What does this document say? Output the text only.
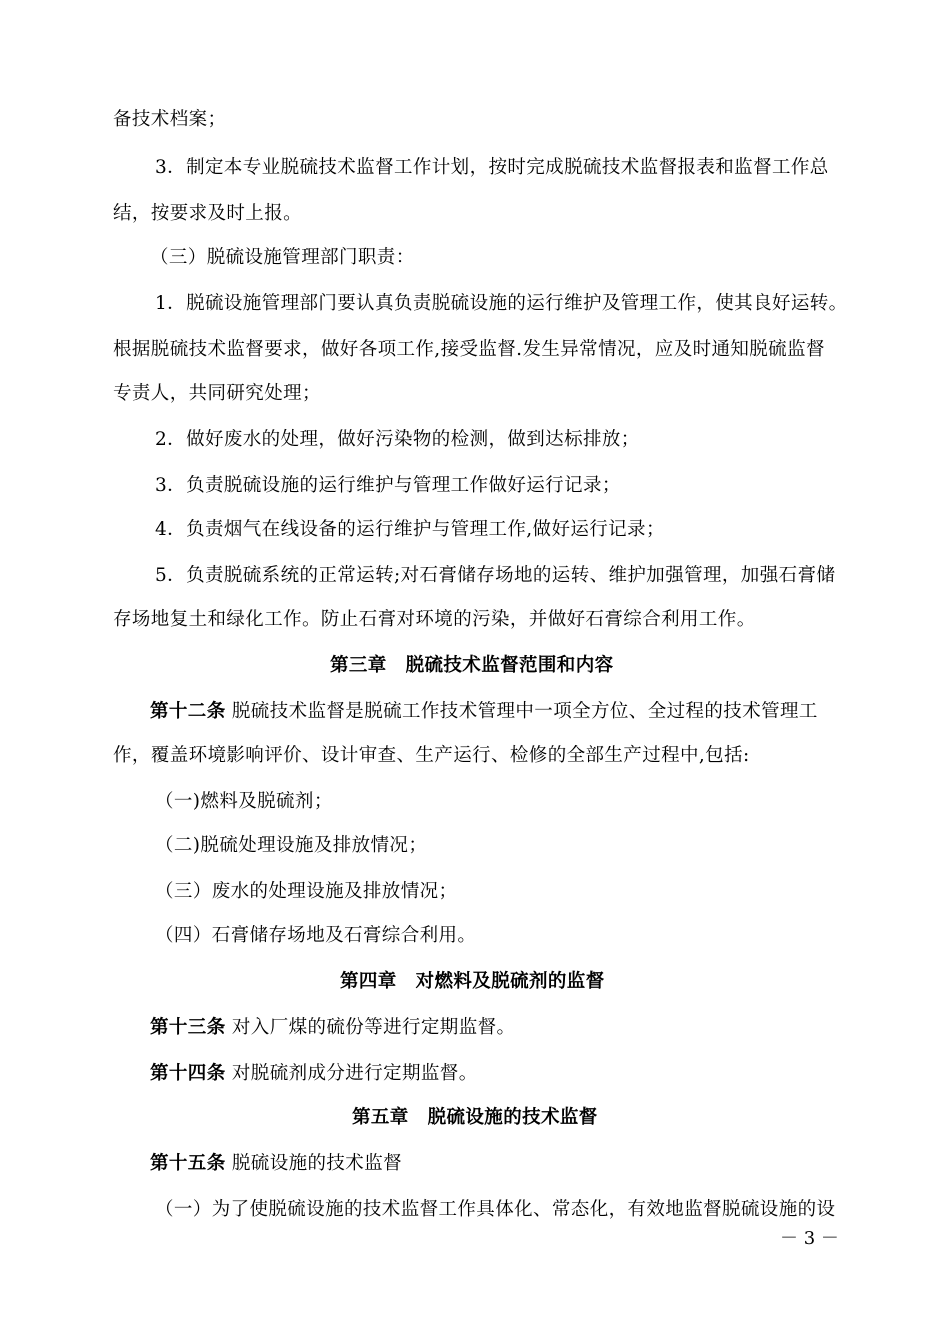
备技术档案；
3．制定本专业脱硫技术监督工作计划，按时完成脱硫技术监督报表和监督工作总
结，按要求及时上报。
（三）脱硫设施管理部门职责：
1．脱硫设施管理部门要认真负责脱硫设施的运行维护及管理工作，使其良好运转。
根据脱硫技术监督要求，做好各项工作,接受监督.发生异常情况，应及时通知脱硫监督
专责人，共同研究处理；
2．做好废水的处理，做好污染物的检测，做到达标排放；
3．负责脱硫设施的运行维护与管理工作做好运行记录；
4．负责烟气在线设备的运行维护与管理工作,做好运行记录；
5．负责脱硫系统的正常运转;对石膏储存场地的运转、维护加强管理，加强石膏储
存场地复土和绿化工作。防止石膏对环境的污染，并做好石膏综合利用工作。
第三章　脱硫技术监督范围和内容
第十二条 脱硫技术监督是脱硫工作技术管理中一项全方位、全过程的技术管理工
作，覆盖环境影响评价、设计审查、生产运行、检修的全部生产过程中,包括:
（一)燃料及脱硫剂；
（二)脱硫处理设施及排放情况；
（三）废水的处理设施及排放情况；
（四）石膏储存场地及石膏综合利用。
第四章　对燃料及脱硫剂的监督
第十三条 对入厂煤的硫份等进行定期监督。
第十四条 对脱硫剂成分进行定期监督。
第五章　脱硫设施的技术监督
第十五条 脱硫设施的技术监督
（一）为了使脱硫设施的技术监督工作具体化、常态化，有效地监督脱硫设施的设
－ 3 －
